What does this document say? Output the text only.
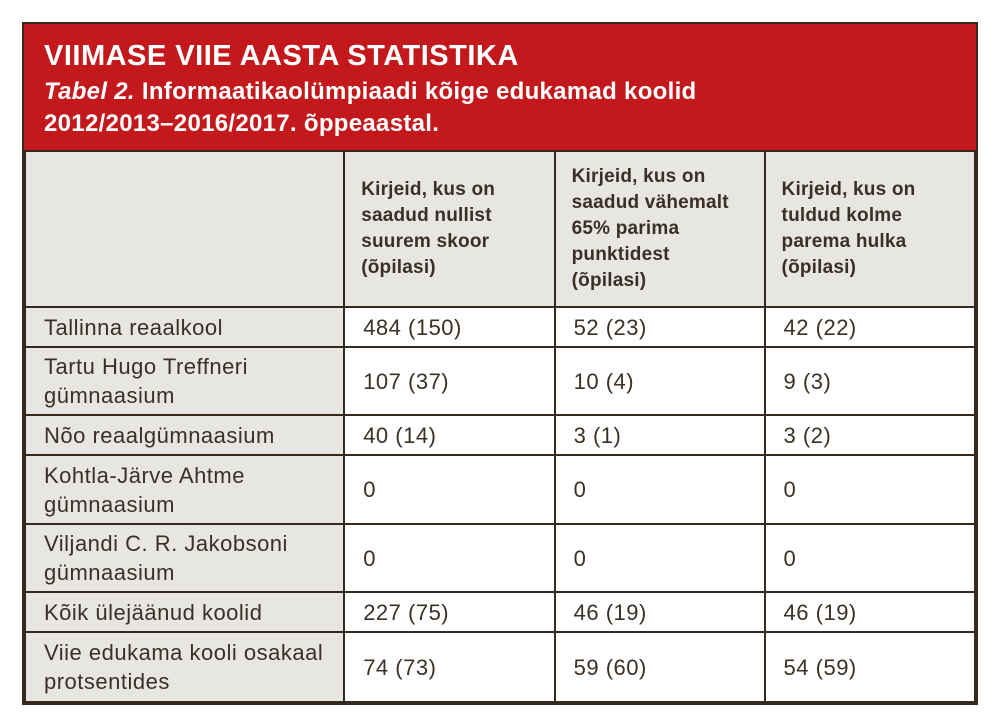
VIIMASE VIIE AASTA STATISTIKA
Tabel 2. Informaatikaolümpiaadi kõige edukamad koolid
2012/2013–2016/2017. õppeaastal.
	Kirjeid, kus on saadud nullist suurem skoor (õpilasi)	Kirjeid, kus on saadud vähemalt 65% parima punktidest (õpilasi)	Kirjeid, kus on tuldud kolme parema hulka (õpilasi)
Tallinna reaalkool	484 (150)	52 (23)	42 (22)
Tartu Hugo Treffneri gümnaasium	107 (37)	10 (4)	9 (3)
Nõo reaalgümnaasium	40 (14)	3 (1)	3 (2)
Kohtla-Järve Ahtme gümnaasium	0	0	0
Viljandi C. R. Jakobsoni gümnaasium	0	0	0
Kõik ülejäänud koolid	227 (75)	46 (19)	46 (19)
Viie edukama kooli osakaal protsentides	74 (73)	59 (60)	54 (59)
